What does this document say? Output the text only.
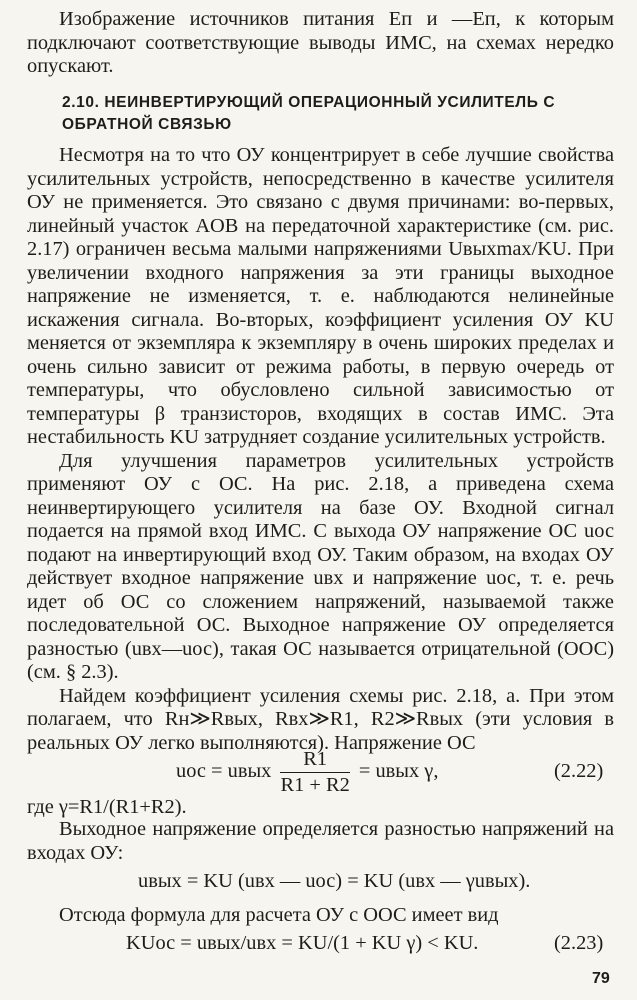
Изображение источников питания Eп и —Eп, к которым подключают соответствующие выводы ИМС, на схемах нередко опускают.

2.10. НЕИНВЕРТИРУЮЩИЙ ОПЕРАЦИОННЫЙ УСИЛИТЕЛЬ С ОБРАТНОЙ СВЯЗЬЮ

Несмотря на то что ОУ концентрирует в себе лучшие свойства усилительных устройств, непосредственно в качестве усилителя ОУ не применяется. Это связано с двумя причинами: во-первых, линейный участок AOB на передаточной характеристике (см. рис. 2.17) ограничен весьма малыми напряжениями Uвыхmax/KU. При увеличении входного напряжения за эти границы выходное напряжение не изменяется, т. е. наблюдаются нелинейные искажения сигнала. Во-вторых, коэффициент усиления ОУ KU меняется от экземпляра к экземпляру в очень широких пределах и очень сильно зависит от режима работы, в первую очередь от температуры, что обусловлено сильной зависимостью от температуры β транзисторов, входящих в состав ИМС. Эта нестабильность KU затрудняет создание усилительных устройств.

Для улучшения параметров усилительных устройств применяют ОУ с ОС. На рис. 2.18, а приведена схема неинвертирующего усилителя на базе ОУ. Входной сигнал подается на прямой вход ИМС. С выхода ОУ напряжение ОС uос подают на инвертирующий вход ОУ. Таким образом, на входах ОУ действует входное напряжение uвх и напряжение uос, т. е. речь идет об ОС со сложением напряжений, называемой также последовательной ОС. Выходное напряжение ОУ определяется разностью (uвх—uос), такая ОС называется отрицательной (ООС) (см. § 2.3).

Найдем коэффициент усиления схемы рис. 2.18, а. При этом полагаем, что Rн≫Rвых, Rвх≫R1, R2≫Rвых (эти условия в реальных ОУ легко выполняются). Напряжение ОС

uос = uвых $\frac{R1}{R1 + R2}$ = uвых γ,	(2.22)
где γ=R1/(R1+R2).

Выходное напряжение определяется разностью напряжений на входах ОУ:

uвых = KU (uвх — uос) = KU (uвх — γuвых).

Отсюда формула для расчета ОУ с ООС имеет вид

KUос = uвых/uвх = KU/(1 + KU γ) < KU.	(2.23)
79
